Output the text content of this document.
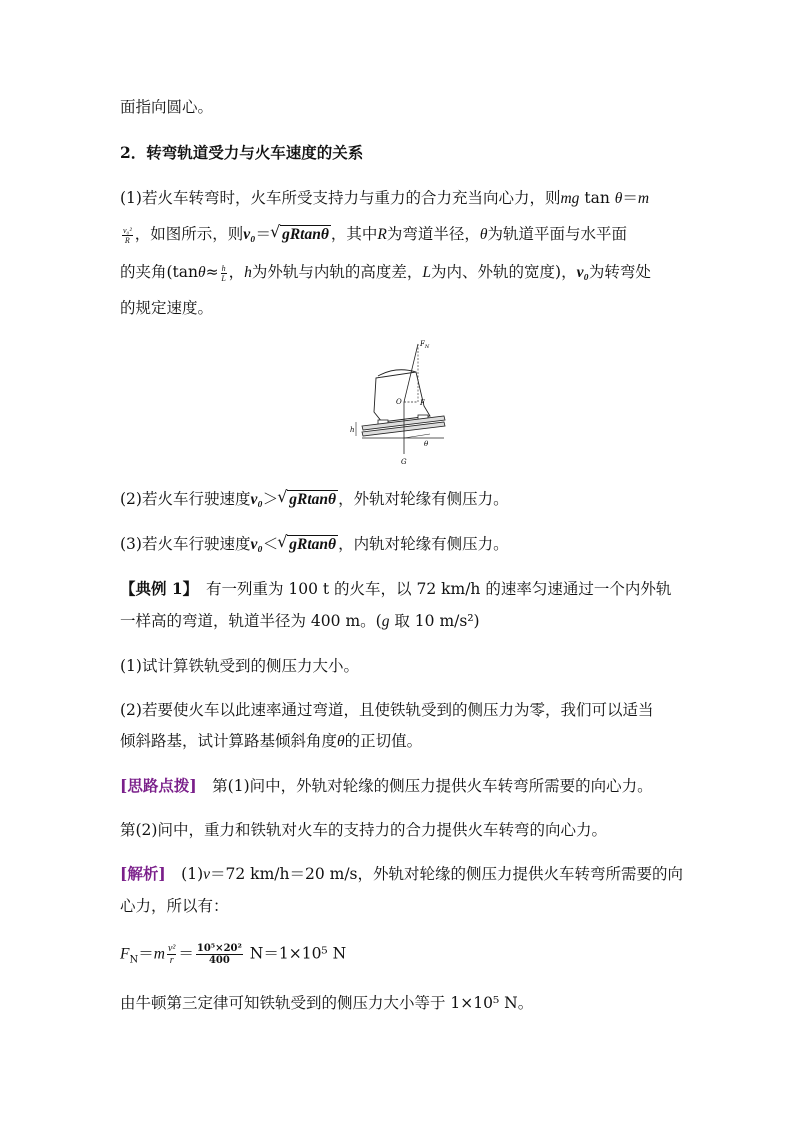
面指向圆心。
2．转弯轨道受力与火车速度的关系
(1)若火车转弯时，火车所受支持力与重力的合力充当向心力，则mg tan θ＝m
$\frac{\text{v₀²}}{R}$ ，如图所示，则v₀＝ √ gRtanθ ，其中R为弯道半径，θ为轨道平面与水平面
的夹角($\tan\theta\approx \frac{h}{L}$ ，h为外轨与内轨的高度差，L为内、外轨的宽度)，v₀为转弯处
的规定速度。
$F_N$
O	F
h
G
θ
(2)若火车行驶速度v₀＞ √ gRtanθ ，外轨对轮缘有侧压力。
(3)若火车行驶速度v₀＜ √ gRtanθ ，内轨对轮缘有侧压力。
【典例 1】　有一列重为 100 t 的火车，以 72 km/h 的速率匀速通过一个内外轨
一样高的弯道，轨道半径为 400 m。(g 取 10 m/s²)
(1)试计算铁轨受到的侧压力大小。
(2)若要使火车以此速率通过弯道，且使铁轨受到的侧压力为零，我们可以适当
倾斜路基，试计算路基倾斜角度θ的正切值。
[思路点拨]　第(1)问中，外轨对轮缘的侧压力提供火车转弯所需要的向心力。
第(2)问中，重力和铁轨对火车的支持力的合力提供火车转弯的向心力。
[解析]　(1)v＝72 km/h＝20 m/s，外轨对轮缘的侧压力提供火车转弯所需要的向
心力，所以有：
$F_N=m \frac{\text{v²}}{r} = \frac{\text{10⁵×20²}}{400} N=1\times 10^5$ N
由牛顿第三定律可知铁轨受到的侧压力大小等于 1×10⁵ N。
